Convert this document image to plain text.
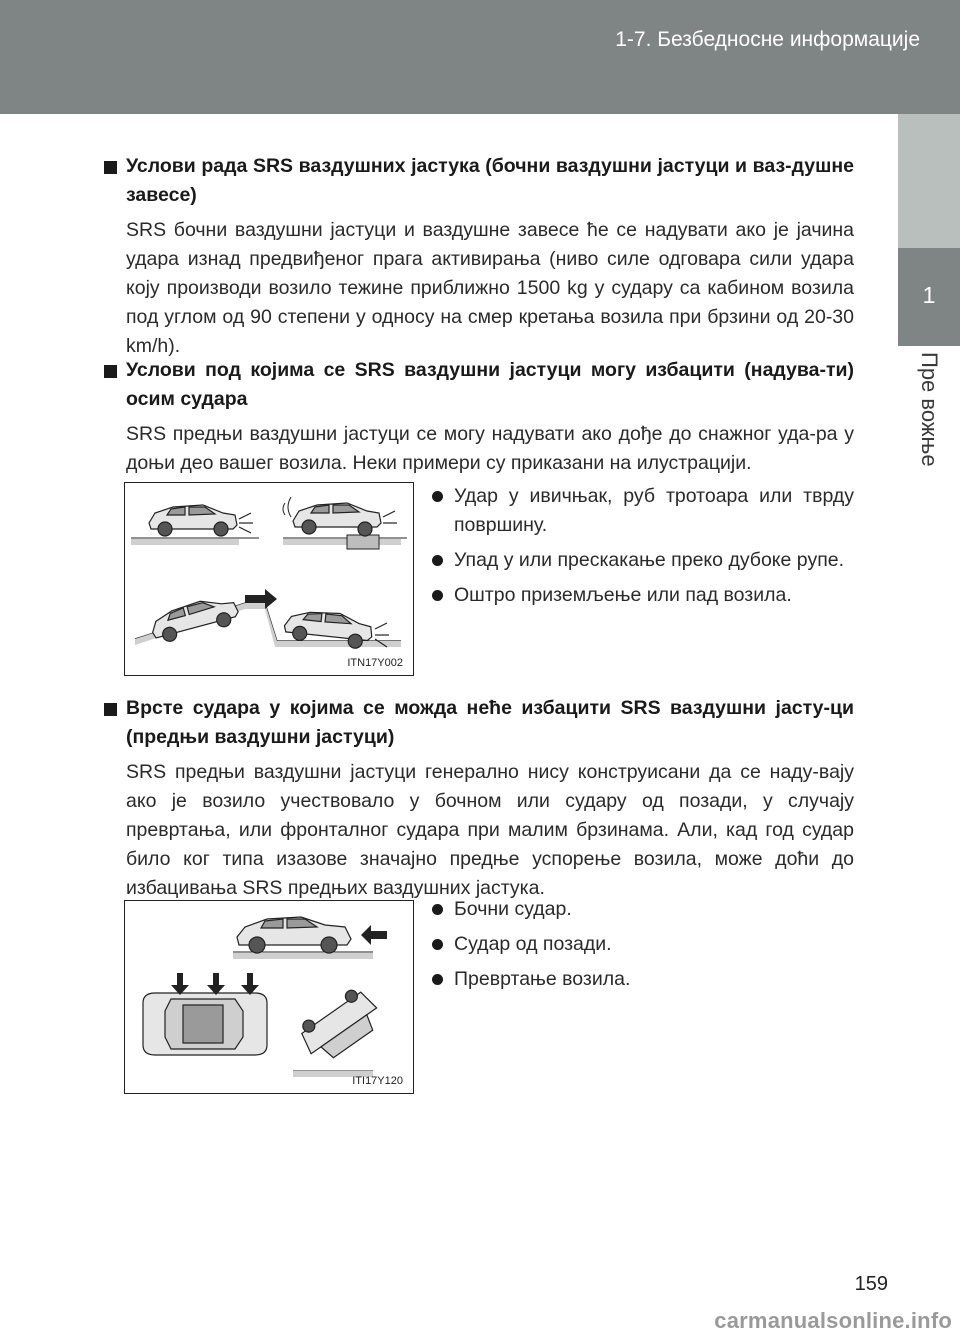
1-7. Безбедносне информације
1
Пре вожње
Услови рада SRS ваздушних јастука (бочни ваздушни јастуци и ваз-душне завесе)
SRS бочни ваздушни јастуци и ваздушне завесе ће се надувати ако је јачина удара изнад предвиђеног прага активирања (ниво силе одговара сили удара коју производи возило тежине приближно 1500 kg у судару са кабином возила под углом од 90 степени у односу на смер кретања возила при брзини од 20-30 km/h).
Услови под којима се SRS ваздушни јастуци могу избацити (надува-ти) осим судара
SRS предњи ваздушни јастуци се могу надувати ако дође до снажног уда-ра у доњи део вашег возила. Неки примери су приказани на илустрацији.
ITN17Y002
Удар у ивичњак, руб тротоара или тврду површину.
Упад у или прескакање преко дубоке рупе.
Оштро приземљење или пад возила.
Врсте судара у којима се можда неће избацити SRS ваздушни јасту-ци (предњи ваздушни јастуци)
SRS предњи ваздушни јастуци генерално нису конструисани да се наду-вају ако је возило учествовало у бочном или судару од позади, у случају превртања, или фронталног судара при малим брзинама. Али, кад год судар било ког типа изазове значајно предње успорење возила, може доћи до избацивања SRS предњих ваздушних јастука.
ITI17Y120
Бочни судар.
Судар од позади.
Превртање возила.
159
carmanualsonline.info
